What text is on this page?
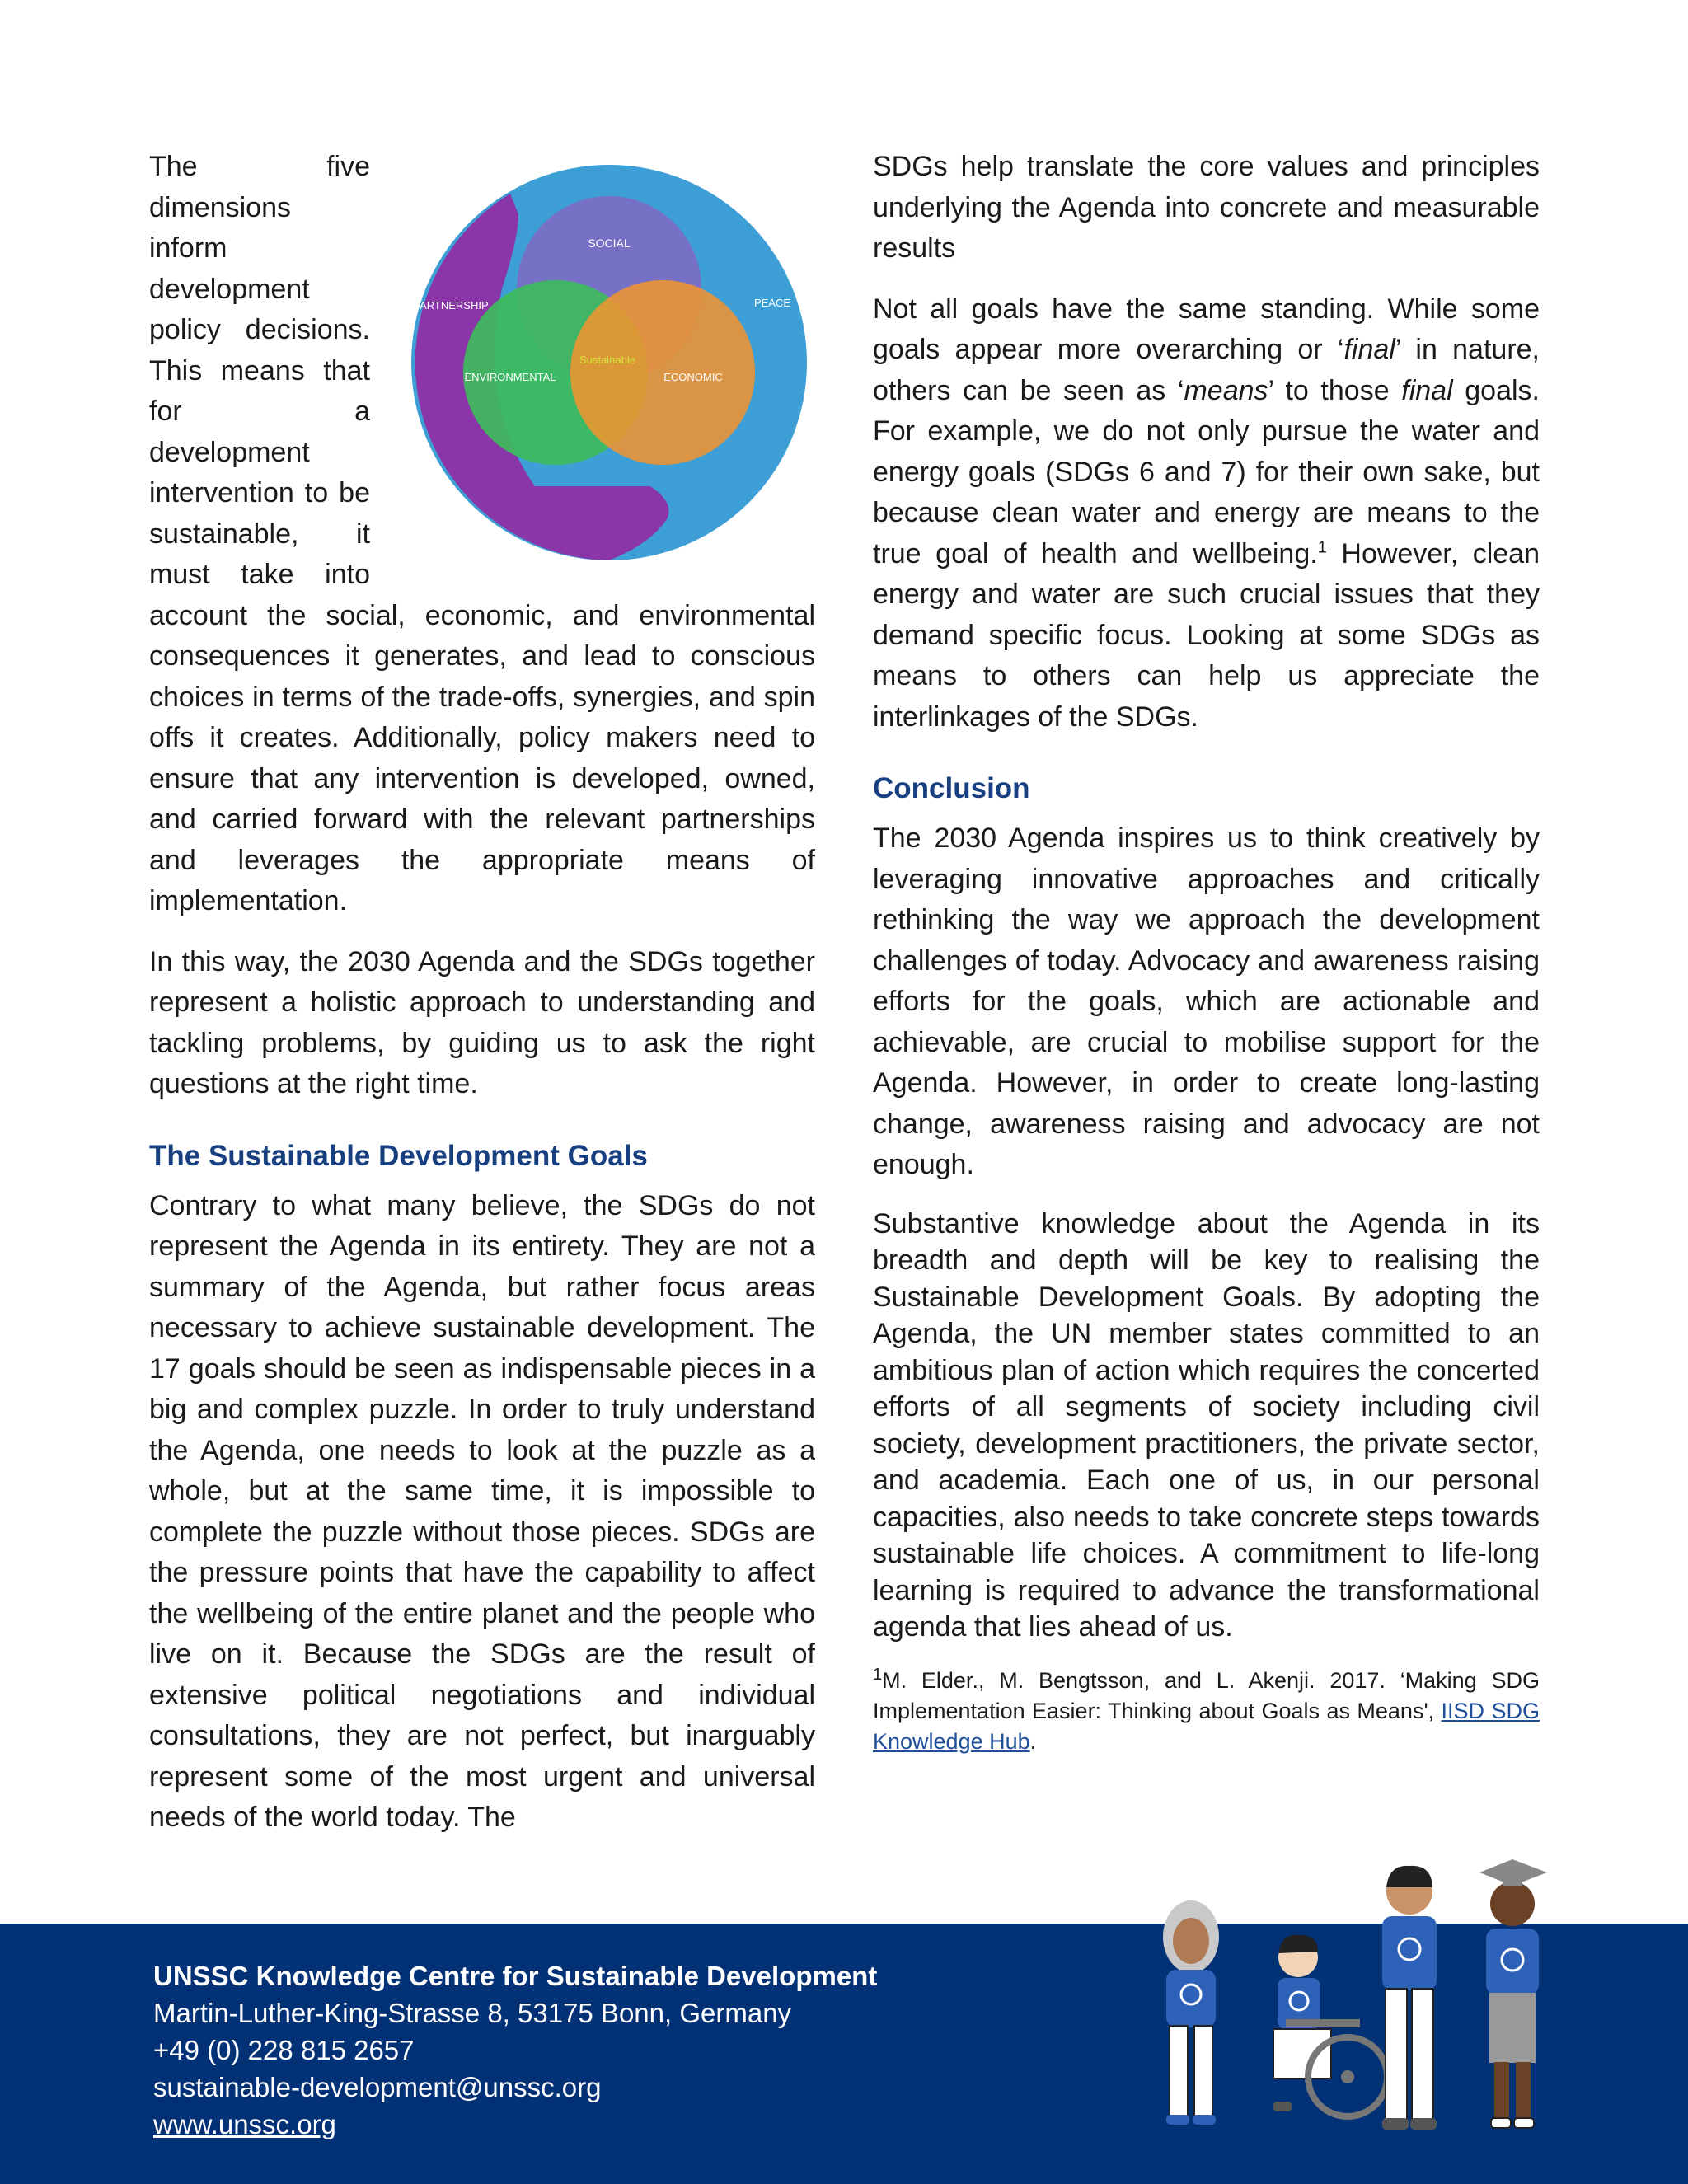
SOCIAL
PARTNERSHIP	PEACE
ENVIRONMENTAL	ECONOMIC
Sustainable

The five dimensions inform development policy decisions. This means that for a development intervention to be sustainable, it must take into account the social, economic, and environmental consequences it generates, and lead to conscious choices in terms of the trade-offs, synergies, and spin offs it creates. Additionally, policy makers need to ensure that any intervention is developed, owned, and carried forward with the relevant partnerships and leverages the appropriate means of implementation.

In this way, the 2030 Agenda and the SDGs together represent a holistic approach to understanding and tackling problems, by guiding us to ask the right questions at the right time.

The Sustainable Development Goals

Contrary to what many believe, the SDGs do not represent the Agenda in its entirety. They are not a summary of the Agenda, but rather focus areas necessary to achieve sustainable development. The 17 goals should be seen as indispensable pieces in a big and complex puzzle. In order to truly understand the Agenda, one needs to look at the puzzle as a whole, but at the same time, it is impossible to complete the puzzle without those pieces. SDGs are the pressure points that have the capability to affect the wellbeing of the entire planet and the people who live on it. Because the SDGs are the result of extensive political negotiations and individual consultations, they are not perfect, but inarguably represent some of the most urgent and universal needs of the world today. The

SDGs help translate the core values and principles underlying the Agenda into concrete and measurable results

Not all goals have the same standing. While some goals appear more overarching or ‘final’ in nature, others can be seen as ‘means’ to those final goals. For example, we do not only pursue the water and energy goals (SDGs 6 and 7) for their own sake, but because clean water and energy are means to the true goal of health and wellbeing.$^1$ However, clean energy and water are such crucial issues that they demand specific focus. Looking at some SDGs as means to others can help us appreciate the interlinkages of the SDGs.

Conclusion

The 2030 Agenda inspires us to think creatively by leveraging innovative approaches and critically rethinking the way we approach the development challenges of today. Advocacy and awareness raising efforts for the goals, which are actionable and achievable, are crucial to mobilise support for the Agenda. However, in order to create long-lasting change, awareness raising and advocacy are not enough.

Substantive knowledge about the Agenda in its breadth and depth will be key to realising the Sustainable Development Goals. By adopting the Agenda, the UN member states committed to an ambitious plan of action which requires the concerted efforts of all segments of society including civil society, development practitioners, the private sector, and academia. Each one of us, in our personal capacities, also needs to take concrete steps towards sustainable life choices. A commitment to life-long learning is required to advance the transformational agenda that lies ahead of us.

$^1$M. Elder., M. Bengtsson, and L. Akenji. 2017. ‘Making SDG Implementation Easier: Thinking about Goals as Means', IISD SDG Knowledge Hub.

UNSSC Knowledge Centre for Sustainable Development
Martin-Luther-King-Strasse 8, 53175 Bonn, Germany
+49 (0) 228 815 2657
sustainable-development@unssc.org
www.unssc.org
